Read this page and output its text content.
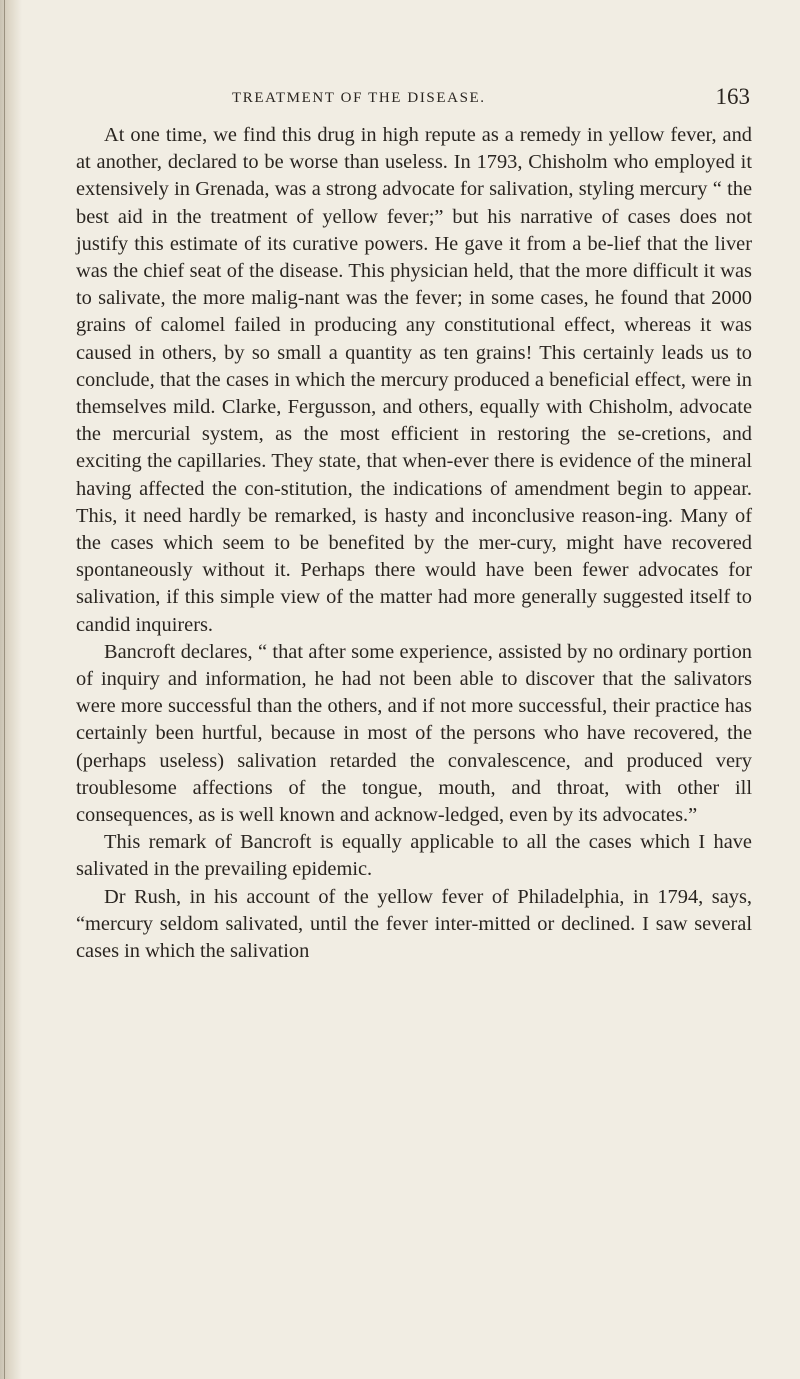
TREATMENT OF THE DISEASE.	163

At one time, we find this drug in high repute as a remedy in yellow fever, and at another, declared to be worse than useless. In 1793, Chisholm who employed it extensively in Grenada, was a strong advocate for salivation, styling mercury “ the best aid in the treatment of yellow fever;” but his narrative of cases does not justify this estimate of its curative powers. He gave it from a be-lief that the liver was the chief seat of the disease. This physician held, that the more difficult it was to salivate, the more malig-nant was the fever; in some cases, he found that 2000 grains of calomel failed in producing any constitutional effect, whereas it was caused in others, by so small a quantity as ten grains! This certainly leads us to conclude, that the cases in which the mercury produced a beneficial effect, were in themselves mild. Clarke, Fergusson, and others, equally with Chisholm, advocate the mercurial system, as the most efficient in restoring the se-cretions, and exciting the capillaries. They state, that when-ever there is evidence of the mineral having affected the con-stitution, the indications of amendment begin to appear. This, it need hardly be remarked, is hasty and inconclusive reason-ing. Many of the cases which seem to be benefited by the mer-cury, might have recovered spontaneously without it. Perhaps there would have been fewer advocates for salivation, if this simple view of the matter had more generally suggested itself to candid inquirers.

Bancroft declares, “ that after some experience, assisted by no ordinary portion of inquiry and information, he had not been able to discover that the salivators were more successful than the others, and if not more successful, their practice has certainly been hurtful, because in most of the persons who have recovered, the (perhaps useless) salivation retarded the convalescence, and produced very troublesome affections of the tongue, mouth, and throat, with other ill consequences, as is well known and acknow-ledged, even by its advocates.”

This remark of Bancroft is equally applicable to all the cases which I have salivated in the prevailing epidemic.

Dr Rush, in his account of the yellow fever of Philadelphia, in 1794, says, “mercury seldom salivated, until the fever inter-mitted or declined. I saw several cases in which the salivation
